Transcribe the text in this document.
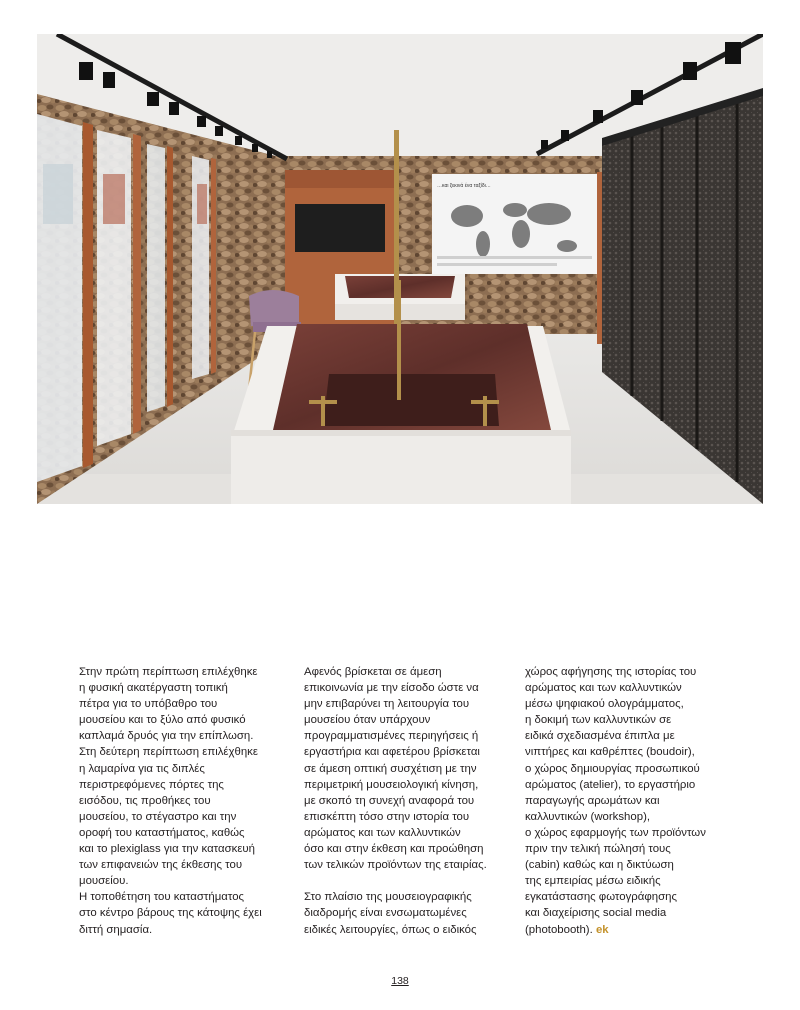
…και ξεκινά ένα ταξίδι…
Στην πρώτη περίπτωση επιλέχθηκε
η φυσική ακατέργαστη τοπική
πέτρα για το υπόβαθρο του
μουσείου και το ξύλο από φυσικό
καπλαμά δρυός για την επίπλωση.
Στη δεύτερη περίπτωση επιλέχθηκε
η λαμαρίνα για τις διπλές
περιστρεφόμενες πόρτες της
εισόδου, τις προθήκες του
μουσείου, το στέγαστρο και την
οροφή του καταστήματος, καθώς
και το plexiglass για την κατασκευή
των επιφανειών της έκθεσης του
μουσείου.
Η τοποθέτηση του καταστήματος
στο κέντρο βάρους της κάτοψης έχει
διττή σημασία.
Αφενός βρίσκεται σε άμεση
επικοινωνία με την είσοδο ώστε να
μην επιβαρύνει τη λειτουργία του
μουσείου όταν υπάρχουν
προγραμματισμένες περιηγήσεις ή
εργαστήρια και αφετέρου βρίσκεται
σε άμεση οπτική συσχέτιση με την
περιμετρική μουσειολογική κίνηση,
με σκοπό τη συνεχή αναφορά του
επισκέπτη τόσο στην ιστορία του
αρώματος και των καλλυντικών
όσο και στην έκθεση και προώθηση
των τελικών προϊόντων της εταιρίας.
Στο πλαίσιο της μουσειογραφικής
διαδρομής είναι ενσωματωμένες
ειδικές λειτουργίες, όπως ο ειδικός
χώρος αφήγησης της ιστορίας του
αρώματος και των καλλυντικών
μέσω ψηφιακού ολογράμματος,
η δοκιμή των καλλυντικών σε
ειδικά σχεδιασμένα έπιπλα με
νιπτήρες και καθρέπτες (boudoir),
ο χώρος δημιουργίας προσωπικού
αρώματος (atelier), το εργαστήριο
παραγωγής αρωμάτων και
καλλυντικών (workshop),
ο χώρος εφαρμογής των προϊόντων
πριν την τελική πώλησή τους
(cabin) καθώς και η δικτύωση
της εμπειρίας μέσω ειδικής
εγκατάστασης φωτογράφησης
και διαχείρισης social media
(photobooth). ek
138
